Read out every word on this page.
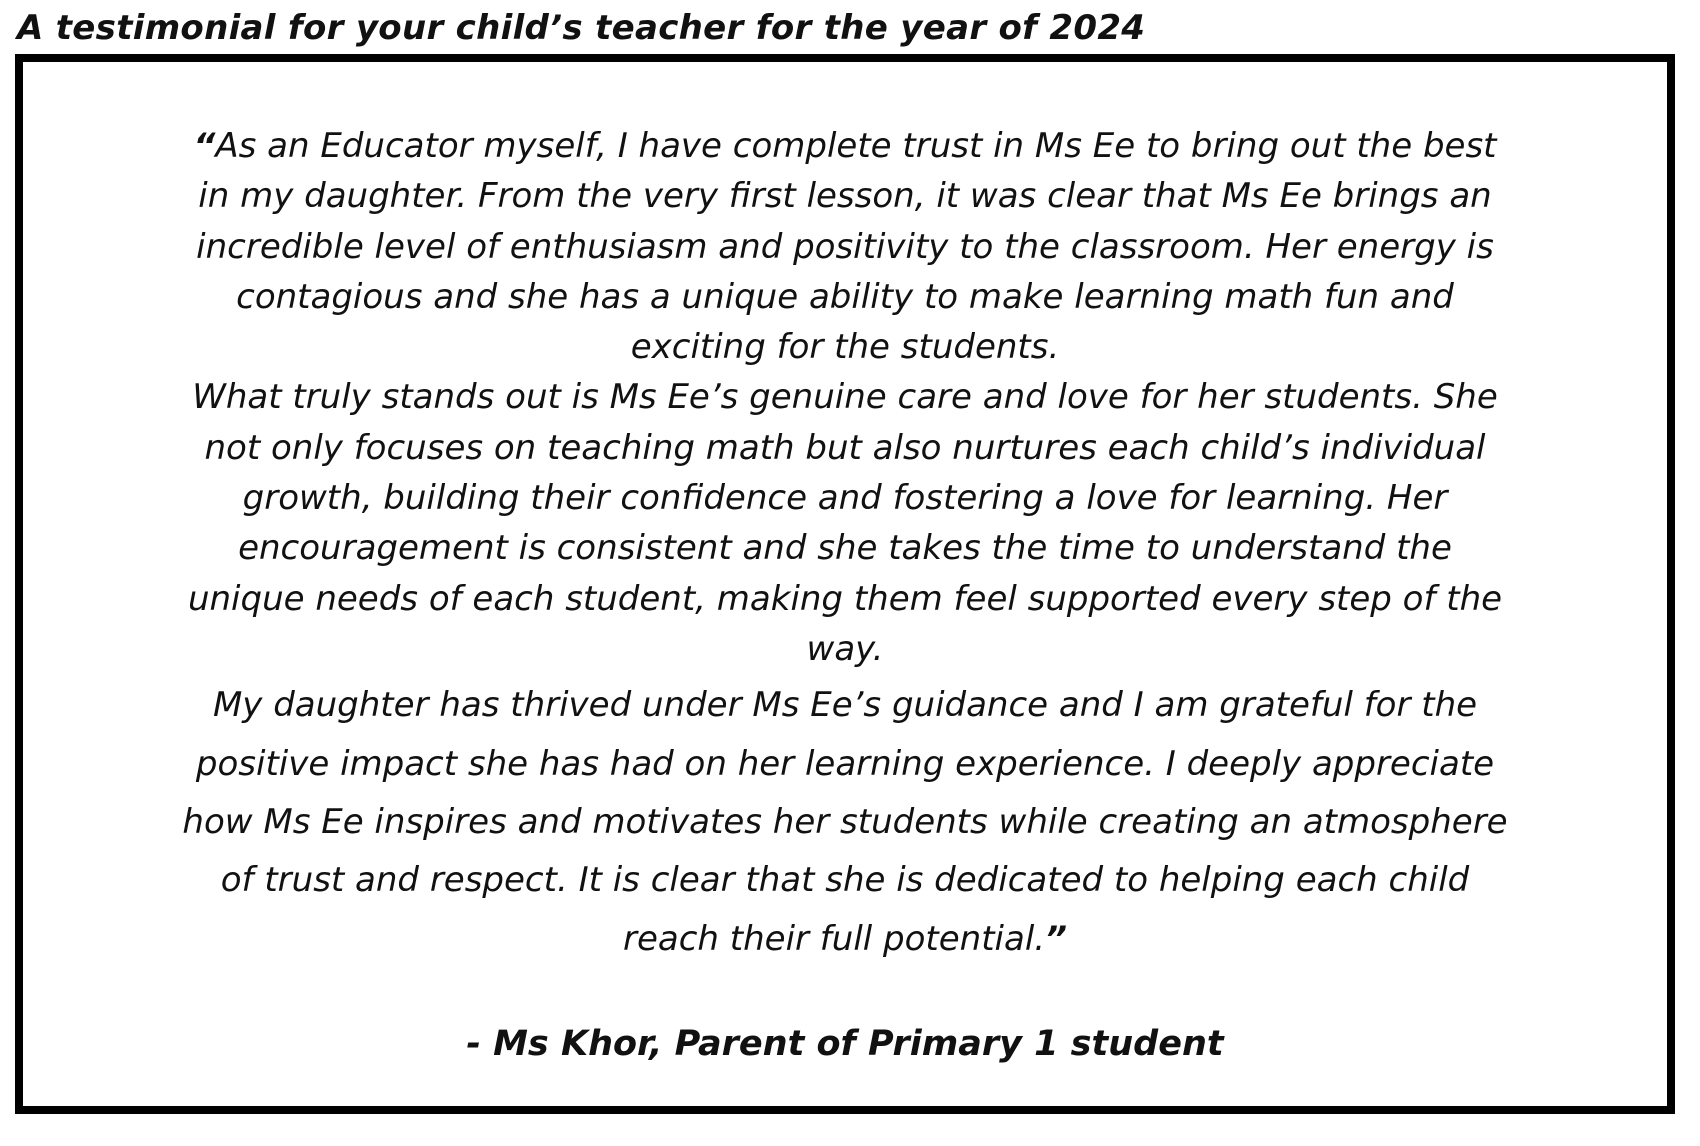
A testimonial for your child’s teacher for the year of 2024
“As an Educator myself, I have complete trust in Ms Ee to bring out the best
in my daughter. From the very first lesson, it was clear that Ms Ee brings an
incredible level of enthusiasm and positivity to the classroom. Her energy is
contagious and she has a unique ability to make learning math fun and
exciting for the students.
What truly stands out is Ms Ee’s genuine care and love for her students. She
not only focuses on teaching math but also nurtures each child’s individual
growth, building their confidence and fostering a love for learning. Her
encouragement is consistent and she takes the time to understand the
unique needs of each student, making them feel supported every step of the
way.
My daughter has thrived under Ms Ee’s guidance and I am grateful for the
positive impact she has had on her learning experience. I deeply appreciate
how Ms Ee inspires and motivates her students while creating an atmosphere
of trust and respect. It is clear that she is dedicated to helping each child
reach their full potential.”
- Ms Khor, Parent of Primary 1 student
